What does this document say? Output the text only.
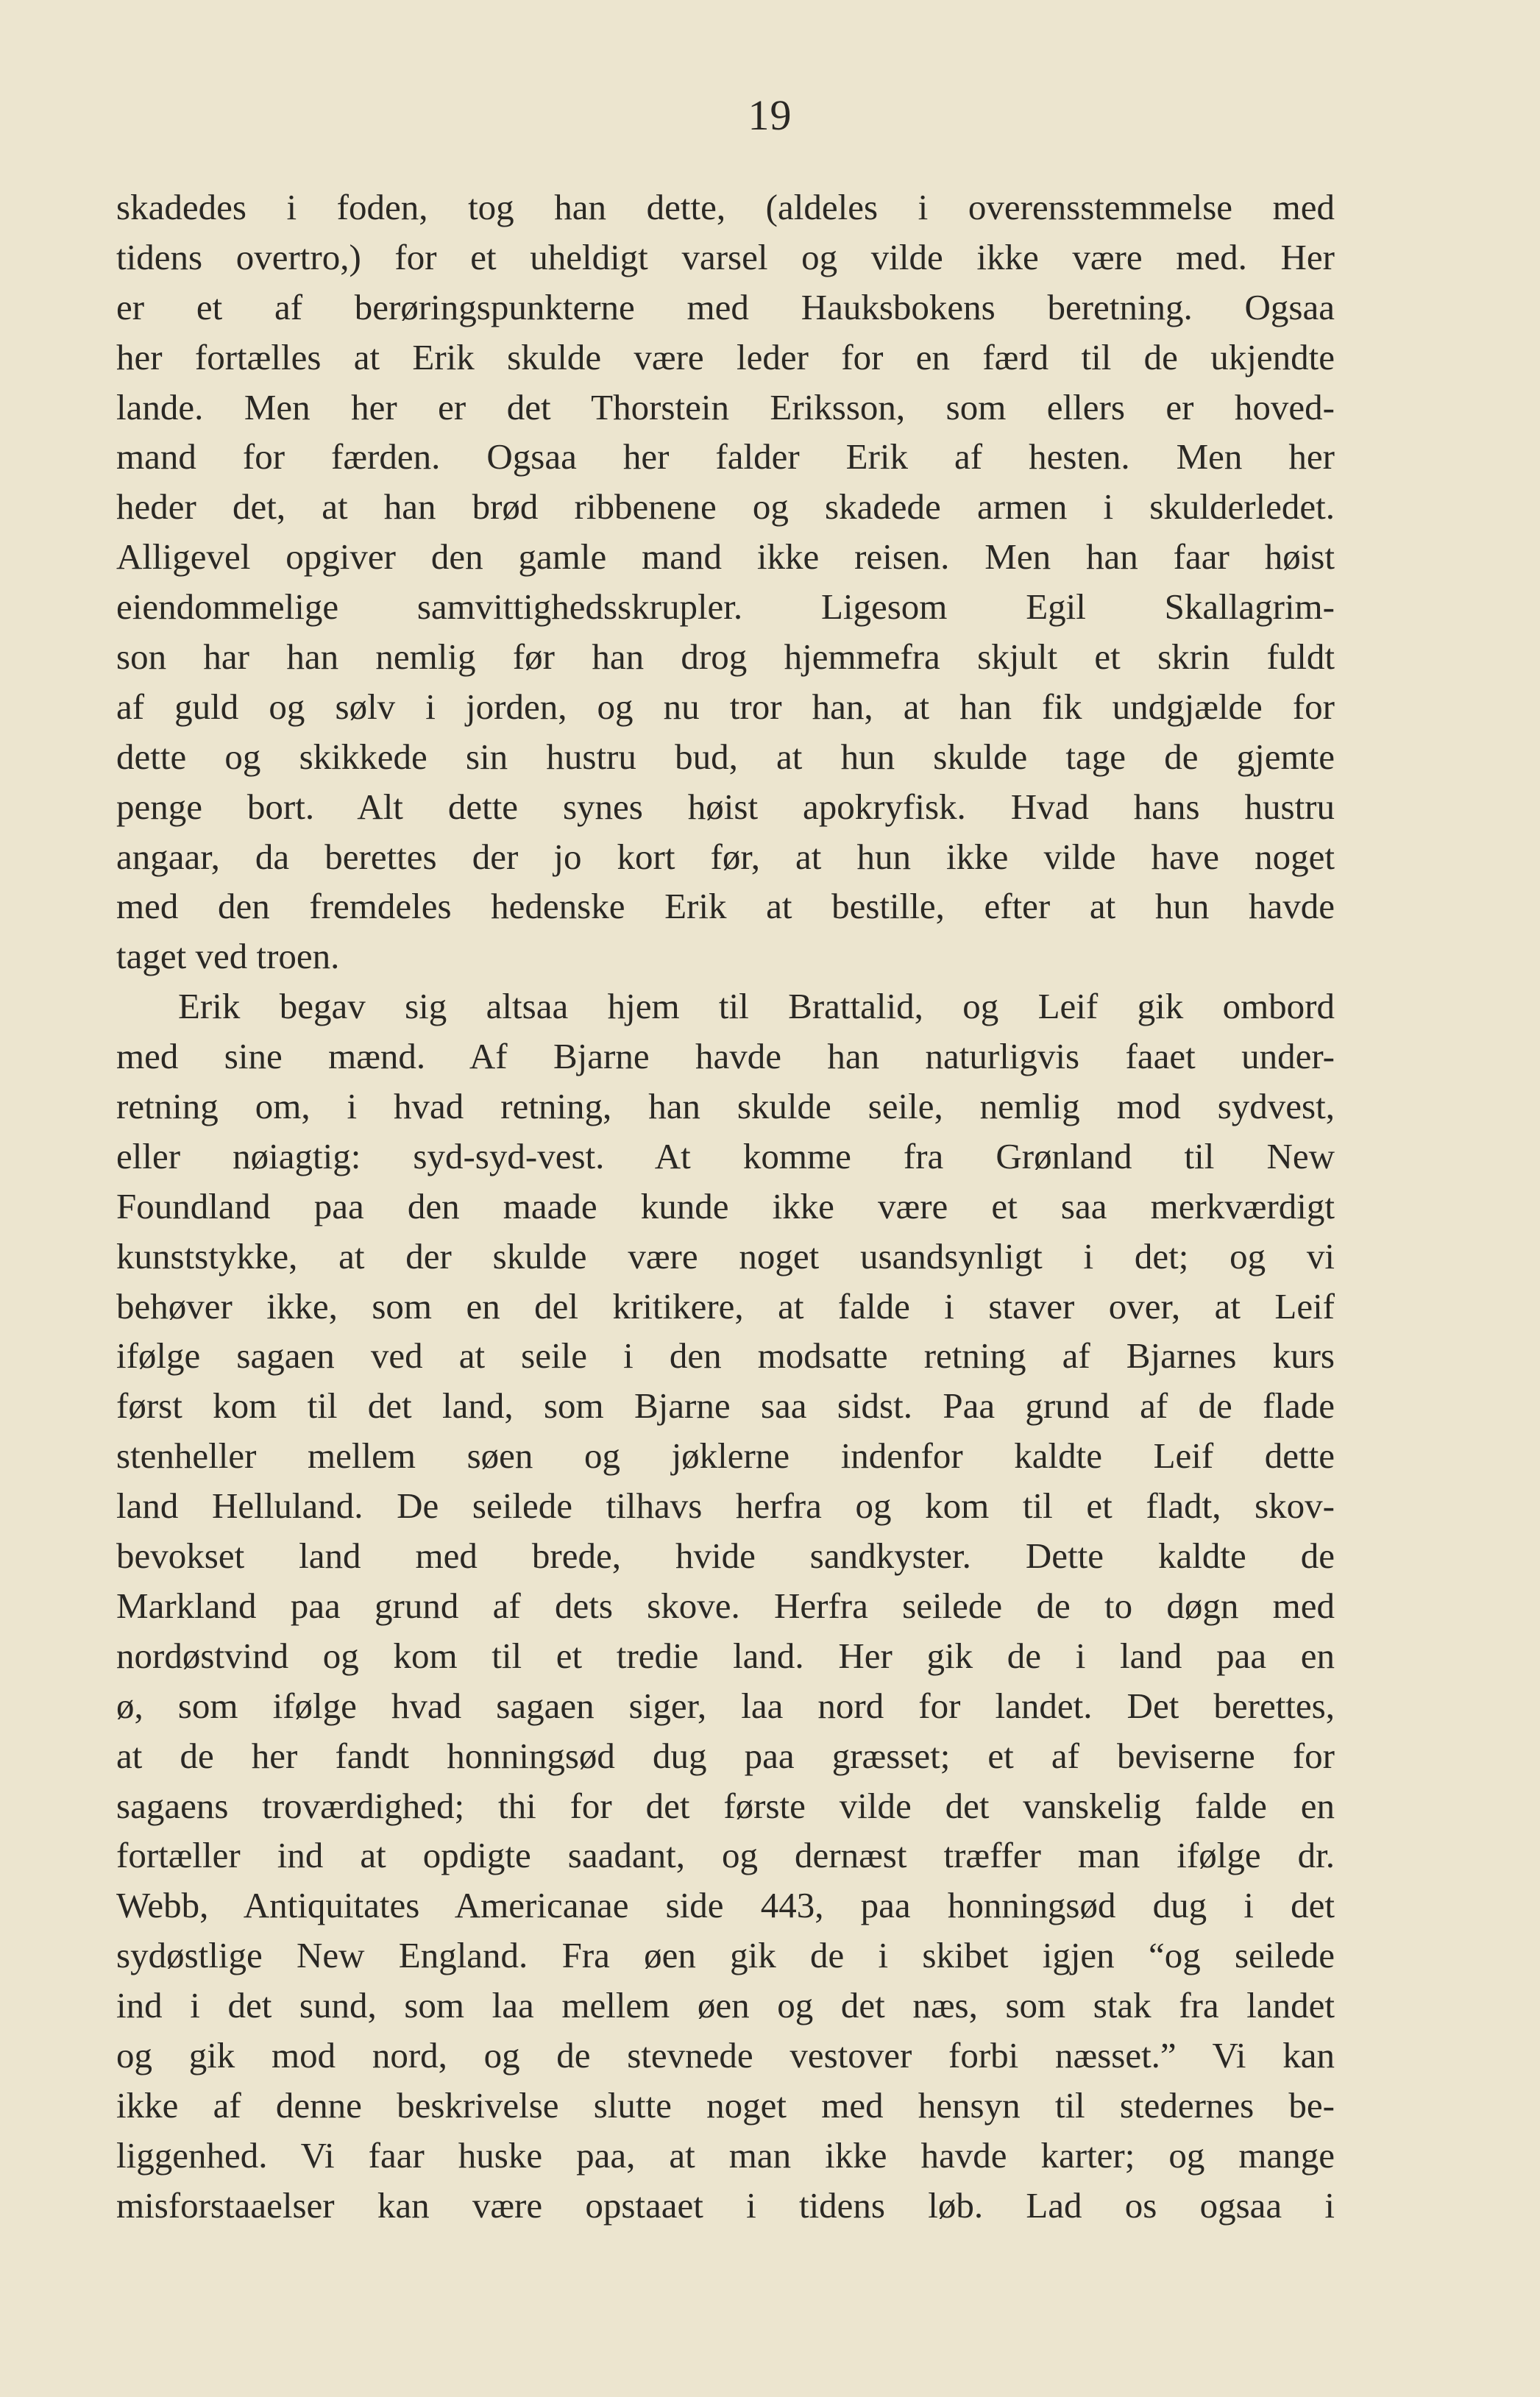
19
skadedes i foden, tog han dette, (aldeles i overensstemmelse med
tidens overtro,) for et uheldigt varsel og vilde ikke være med. Her
er et af berøringspunkterne med Hauksbokens beretning. Ogsaa
her fortælles at Erik skulde være leder for en færd til de ukjendte
lande. Men her er det Thorstein Eriksson, som ellers er hoved-
mand for færden. Ogsaa her falder Erik af hesten. Men her
heder det, at han brød ribbenene og skadede armen i skulderledet.
Alligevel opgiver den gamle mand ikke reisen. Men han faar høist
eiendommelige samvittighedsskrupler. Ligesom Egil Skallagrim-
son har han nemlig før han drog hjemmefra skjult et skrin fuldt
af guld og sølv i jorden, og nu tror han, at han fik undgjælde for
dette og skikkede sin hustru bud, at hun skulde tage de gjemte
penge bort. Alt dette synes høist apokryfisk. Hvad hans hustru
angaar, da berettes der jo kort før, at hun ikke vilde have noget
med den fremdeles hedenske Erik at bestille, efter at hun havde
taget ved troen.
Erik begav sig altsaa hjem til Brattalid, og Leif gik ombord
med sine mænd. Af Bjarne havde han naturligvis faaet under-
retning om, i hvad retning, han skulde seile, nemlig mod sydvest,
eller nøiagtig: syd-syd-vest. At komme fra Grønland til New
Foundland paa den maade kunde ikke være et saa merkværdigt
kunststykke, at der skulde være noget usandsynligt i det; og vi
behøver ikke, som en del kritikere, at falde i staver over, at Leif
ifølge sagaen ved at seile i den modsatte retning af Bjarnes kurs
først kom til det land, som Bjarne saa sidst. Paa grund af de flade
stenheller mellem søen og jøklerne indenfor kaldte Leif dette
land Helluland. De seilede tilhavs herfra og kom til et fladt, skov-
bevokset land med brede, hvide sandkyster. Dette kaldte de
Markland paa grund af dets skove. Herfra seilede de to døgn med
nordøstvind og kom til et tredie land. Her gik de i land paa en
ø, som ifølge hvad sagaen siger, laa nord for landet. Det berettes,
at de her fandt honningsød dug paa græsset; et af beviserne for
sagaens troværdighed; thi for det første vilde det vanskelig falde en
fortæller ind at opdigte saadant, og dernæst træffer man ifølge dr.
Webb, Antiquitates Americanae side 443, paa honningsød dug i det
sydøstlige New England. Fra øen gik de i skibet igjen “og seilede
ind i det sund, som laa mellem øen og det næs, som stak fra landet
og gik mod nord, og de stevnede vestover forbi næsset.” Vi kan
ikke af denne beskrivelse slutte noget med hensyn til stedernes be-
liggenhed. Vi faar huske paa, at man ikke havde karter; og mange
misforstaaelser kan være opstaaet i tidens løb. Lad os ogsaa i
